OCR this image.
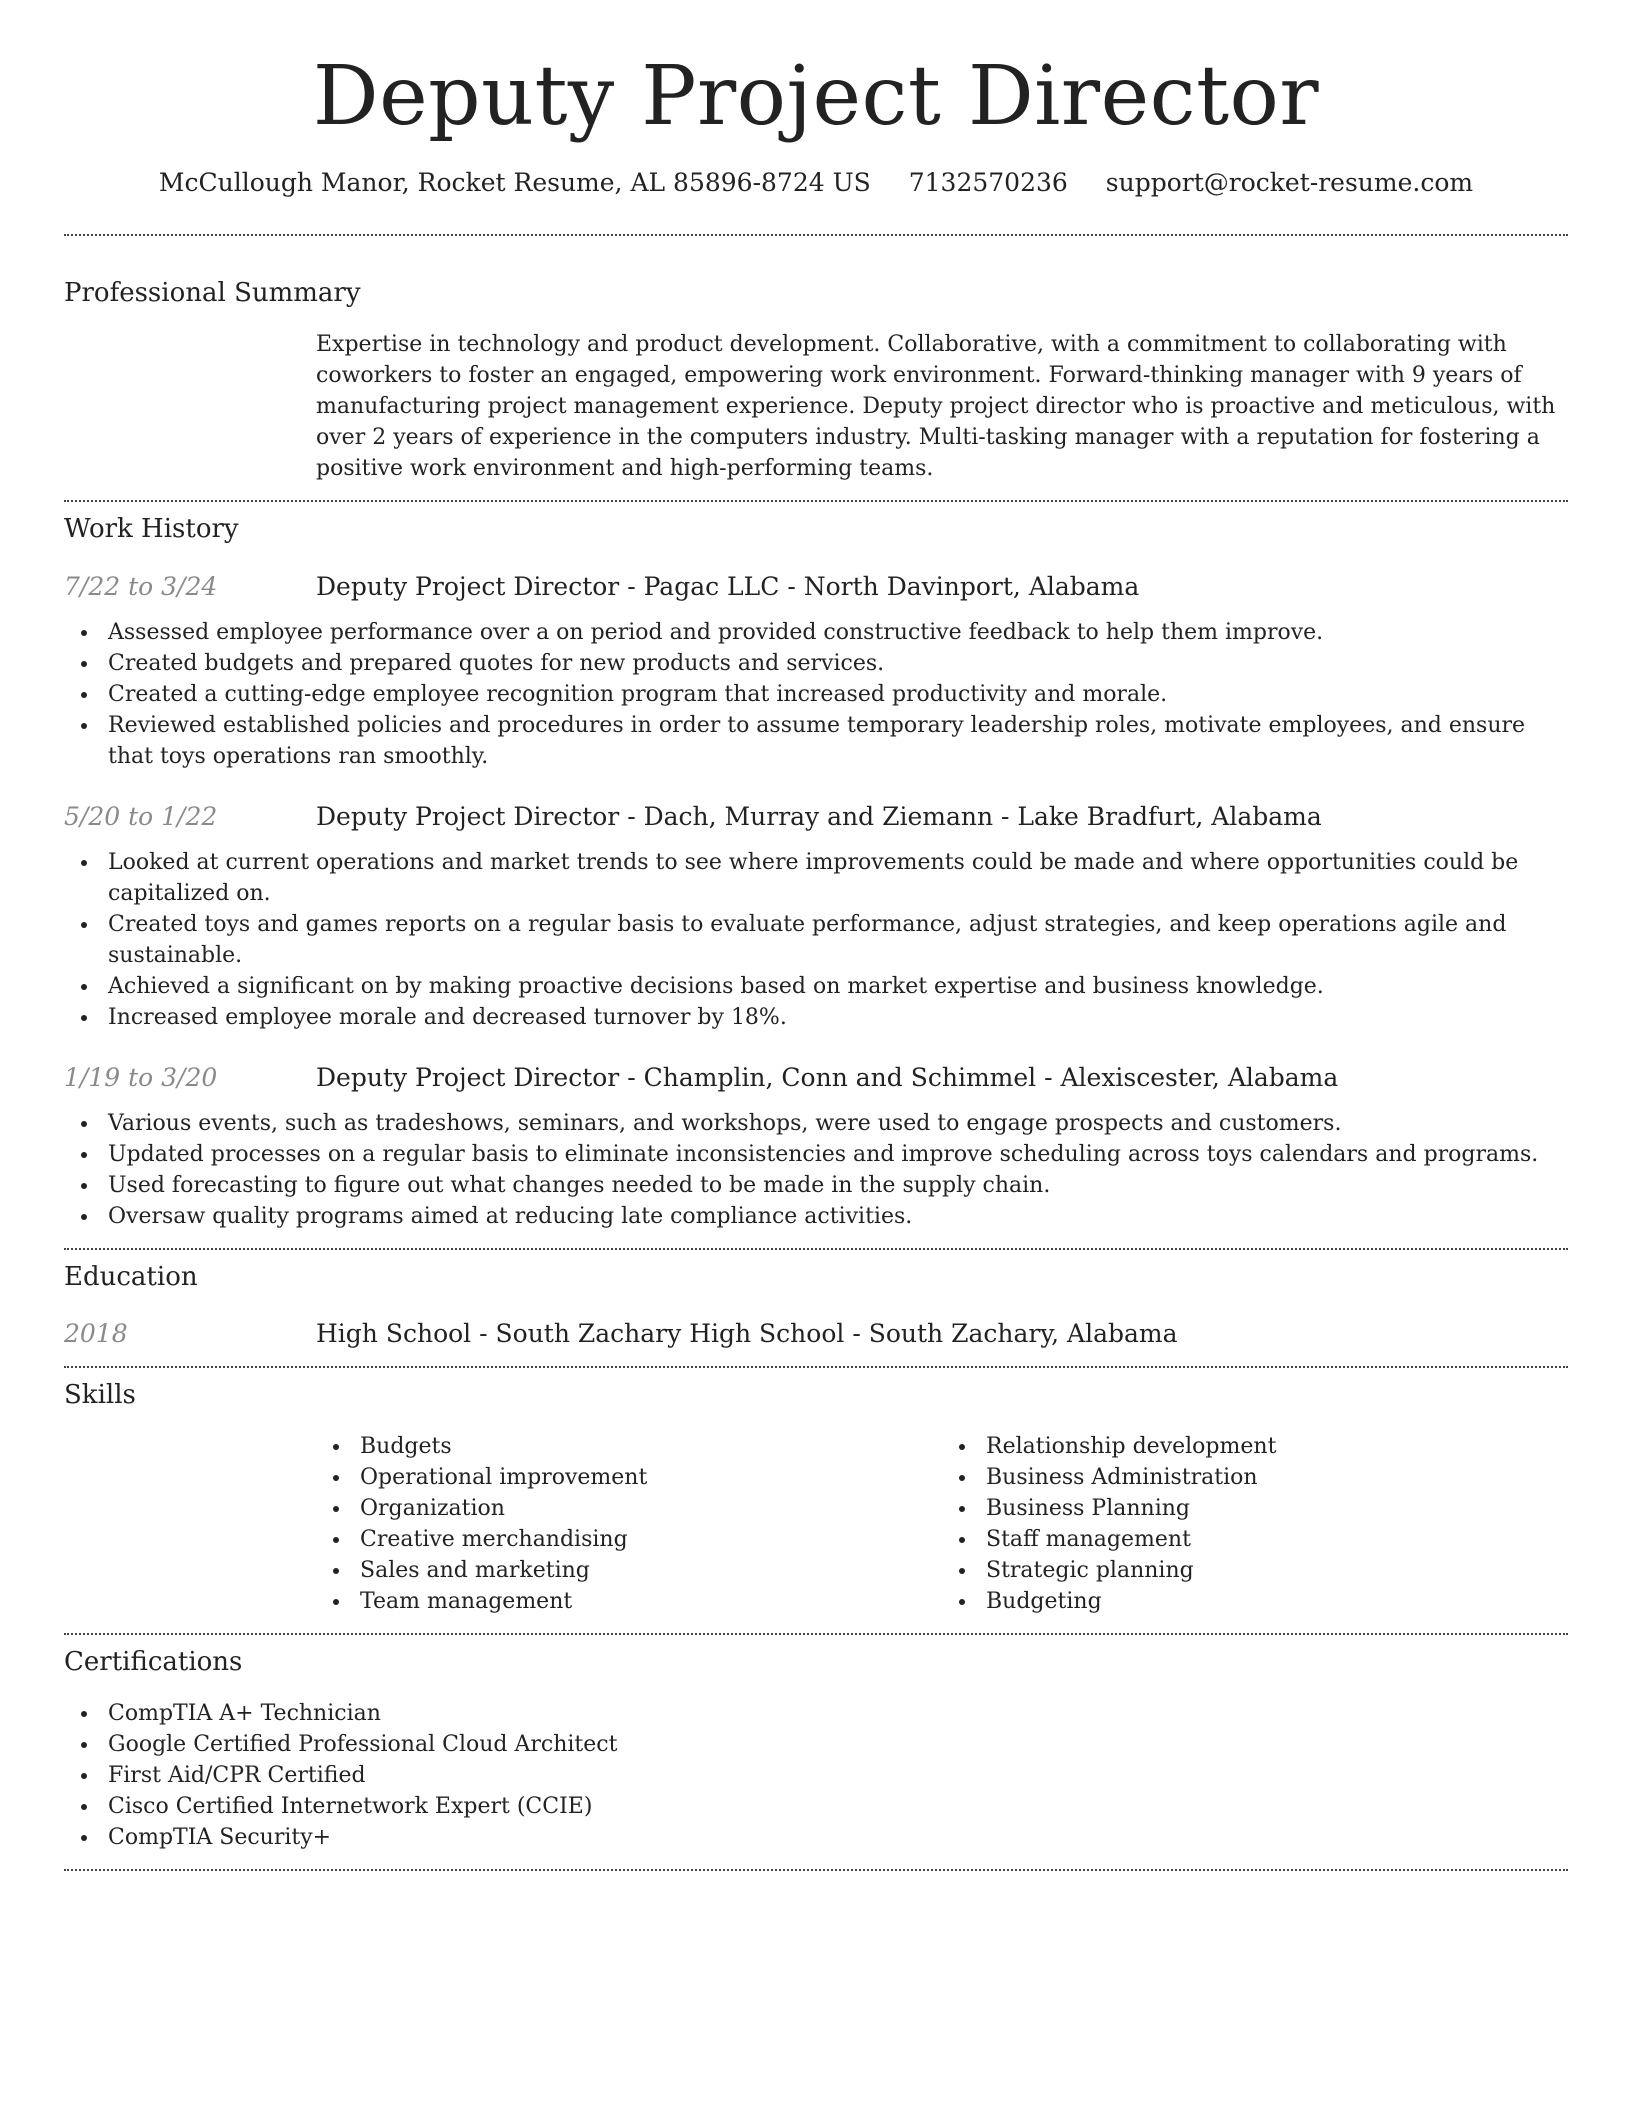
Deputy Project Director
McCullough Manor, Rocket Resume, AL 85896-8724 US 7132570236 support@rocket-resume.com
Professional Summary

Expertise in technology and product development. Collaborative, with a commitment to collaborating with coworkers to foster an engaged, empowering work environment. Forward-thinking manager with 9 years of manufacturing project management experience. Deputy project director who is proactive and meticulous, with over 2 years of experience in the computers industry. Multi-tasking manager with a reputation for fostering a positive work environment and high-performing teams.

Work History
7/22 to 3/24	Deputy Project Director - Pagac LLC - North Davinport, Alabama
Assessed employee performance over a on period and provided constructive feedback to help them improve.
Created budgets and prepared quotes for new products and services.
Created a cutting-edge employee recognition program that increased productivity and morale.
Reviewed established policies and procedures in order to assume temporary leadership roles, motivate employees, and ensure that toys operations ran smoothly.
5/20 to 1/22	Deputy Project Director - Dach, Murray and Ziemann - Lake Bradfurt, Alabama
Looked at current operations and market trends to see where improvements could be made and where opportunities could be capitalized on.
Created toys and games reports on a regular basis to evaluate performance, adjust strategies, and keep operations agile and sustainable.
Achieved a significant on by making proactive decisions based on market expertise and business knowledge.
Increased employee morale and decreased turnover by 18%.
1/19 to 3/20	Deputy Project Director - Champlin, Conn and Schimmel - Alexiscester, Alabama
Various events, such as tradeshows, seminars, and workshops, were used to engage prospects and customers.
Updated processes on a regular basis to eliminate inconsistencies and improve scheduling across toys calendars and programs.
Used forecasting to figure out what changes needed to be made in the supply chain.
Oversaw quality programs aimed at reducing late compliance activities.
Education
2018	High School - South Zachary High School - South Zachary, Alabama
Skills
Budgets
Operational improvement
Organization
Creative merchandising
Sales and marketing
Team management
Relationship development
Business Administration
Business Planning
Staff management
Strategic planning
Budgeting
Certifications
CompTIA A+ Technician
Google Certified Professional Cloud Architect
First Aid/CPR Certified
Cisco Certified Internetwork Expert (CCIE)
CompTIA Security+
